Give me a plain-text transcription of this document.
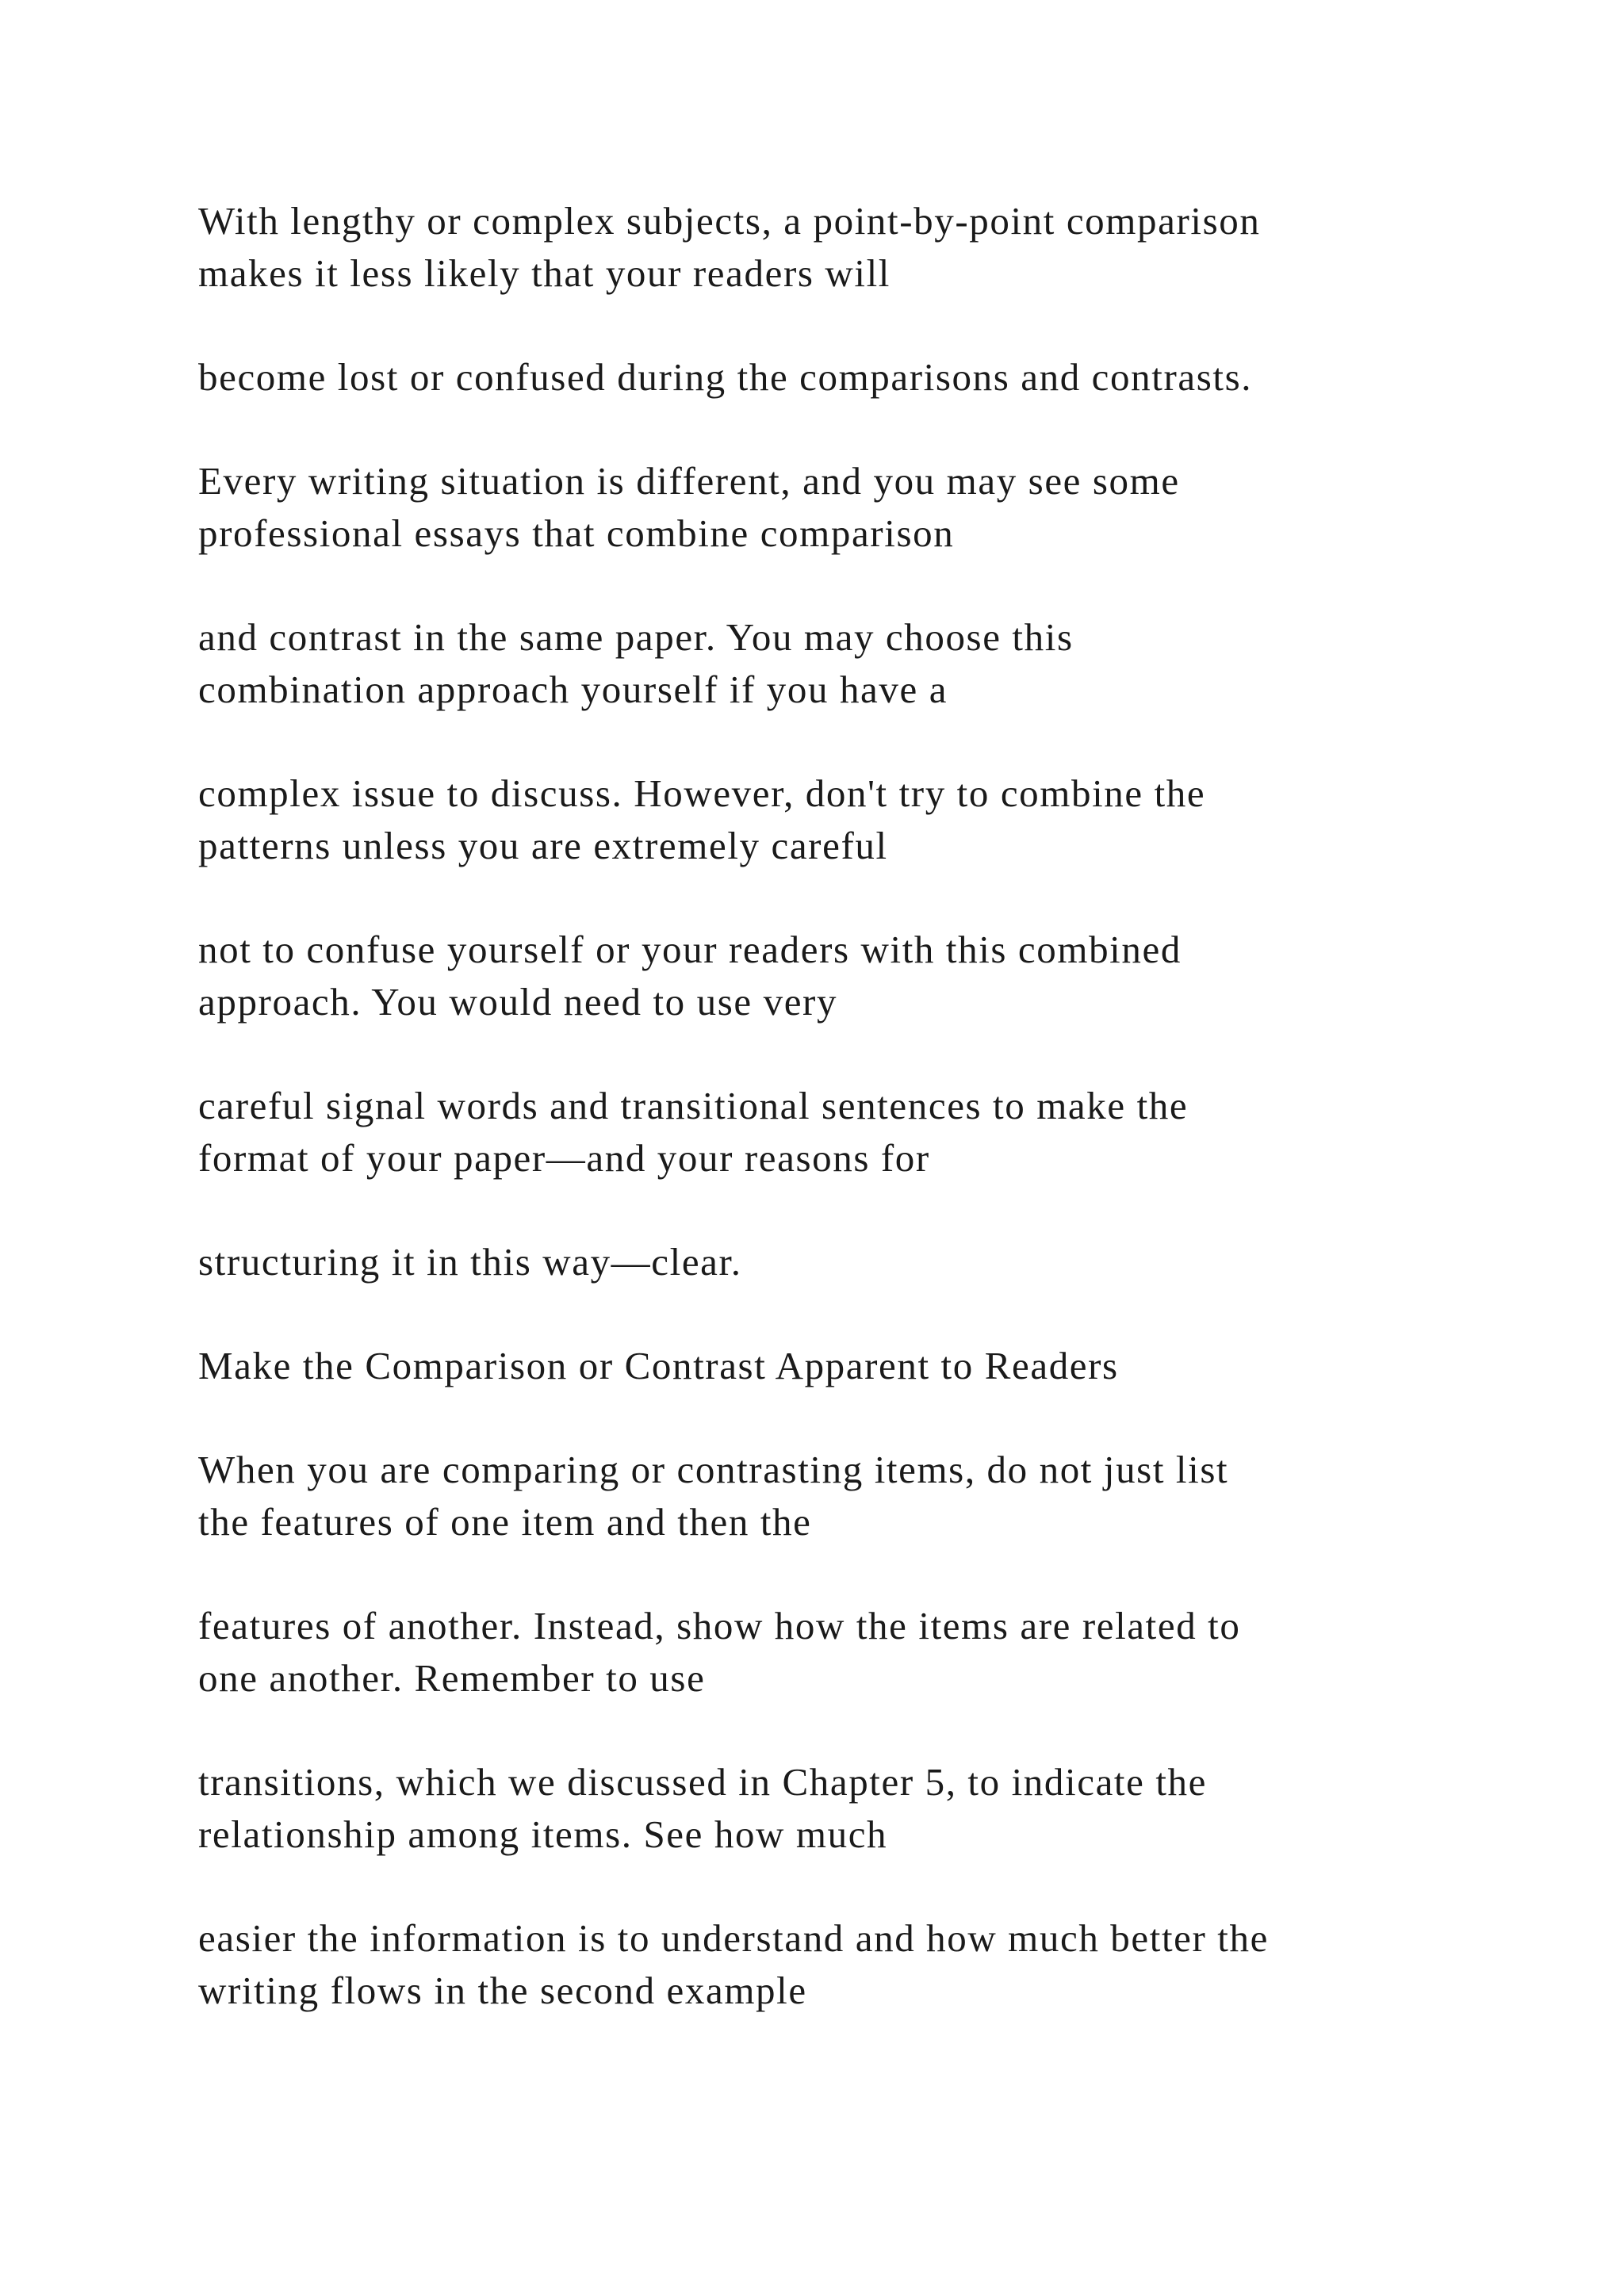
With lengthy or complex subjects, a point-by-point comparison
makes it less likely that your readers will

become lost or confused during the comparisons and contrasts.

Every writing situation is different, and you may see some
professional essays that combine comparison

and contrast in the same paper. You may choose this
combination approach yourself if you have a

complex issue to discuss. However, don't try to combine the
patterns unless you are extremely careful

not to confuse yourself or your readers with this combined
approach. You would need to use very

careful signal words and transitional sentences to make the
format of your paper—and your reasons for

structuring it in this way—clear.

Make the Comparison or Contrast Apparent to Readers

When you are comparing or contrasting items, do not just list
the features of one item and then the

features of another. Instead, show how the items are related to
one another. Remember to use

transitions, which we discussed in Chapter 5, to indicate the
relationship among items. See how much

easier the information is to understand and how much better the
writing flows in the second example
